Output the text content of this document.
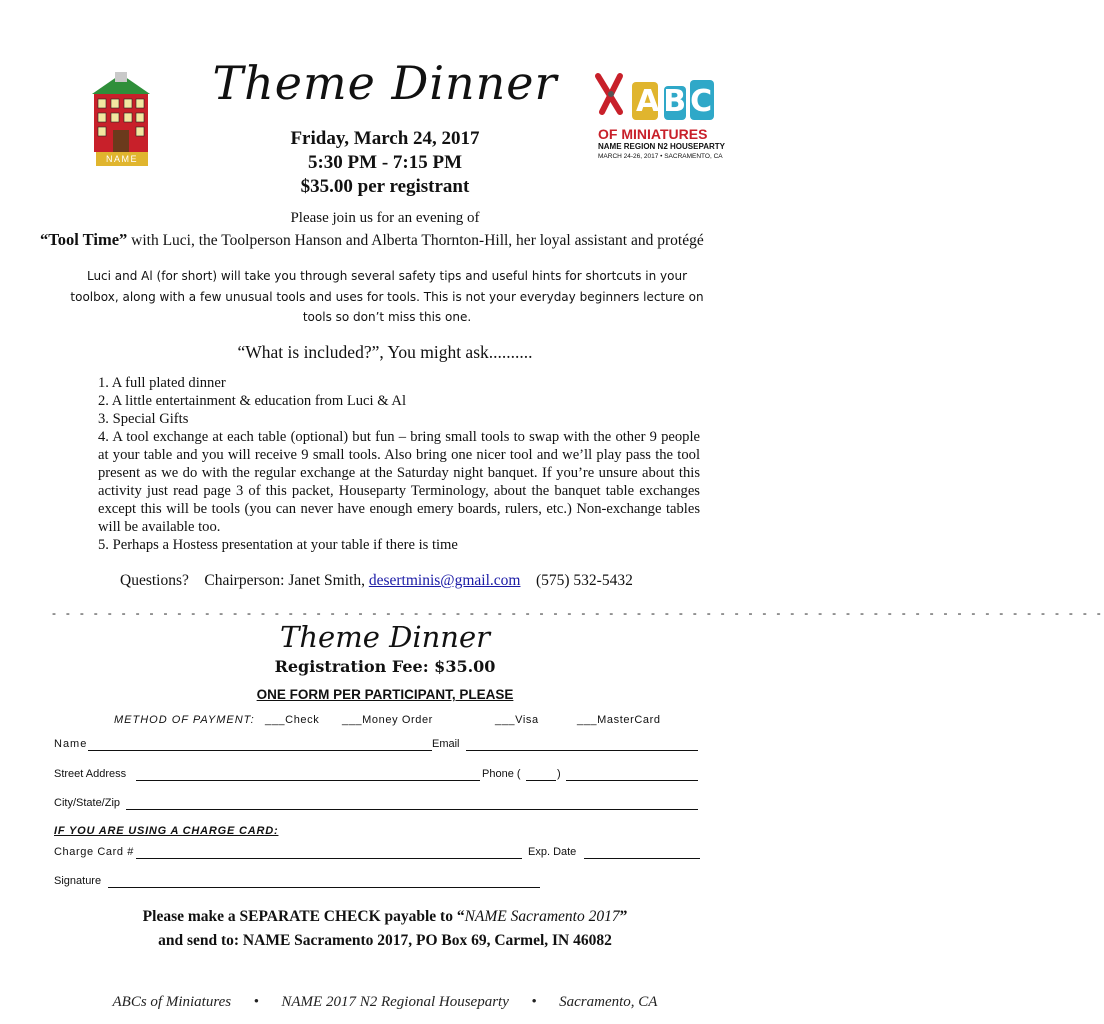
NAME
Theme Dinner	ABCs
OF MINIATURES
NAME REGION N2 HOUSEPARTY
MARCH 24-26, 2017 • SACRAMENTO, CA
Friday, March 24, 2017
5:30 PM - 7:15 PM
$35.00 per registrant
Please join us for an evening of
“Tool Time” with Luci, the Toolperson Hanson and Alberta Thornton-Hill, her loyal assistant and protégé
Luci and Al (for short) will take you through several safety tips and useful hints for shortcuts in your toolbox, along with a few unusual tools and uses for tools. This is not your everyday beginners lecture on tools so don’t miss this one.
“What is included?”, You might ask..........
1. A full plated dinner
2. A little entertainment & education from Luci & Al
3. Special Gifts
4. A tool exchange at each table (optional) but fun – bring small tools to swap with the other 9 people at your table and you will receive 9 small tools. Also bring one nicer tool and we’ll play pass the tool present as we do with the regular exchange at the Saturday night banquet. If you’re unsure about this activity just read page 3 of this packet, Houseparty Terminology, about the banquet table exchanges except this will be tools (you can never have enough emery boards, rulers, etc.) Non-exchange tables will be available too.
5. Perhaps a Hostess presentation at your table if there is time
Questions? Chairperson: Janet Smith, desertminis@gmail.com (575) 532-5432
- - - - - - - - - - - - - - - - - - - - - - - - - - - - - - - - - - - - - - - - - - - - - - - - - - - - - - - - - - - - - - - - - - - - - - - - - - - -
Theme Dinner
Registration Fee: $35.00
ONE FORM PER PARTICIPANT, PLEASE
METHOD OF PAYMENT: ___Check ___Money Order	___Visa	___MasterCard
Name	Email
Street Address	Phone (	)
City/State/Zip
IF YOU ARE USING A CHARGE CARD:
Charge Card #	Exp. Date
Signature
Please make a SEPARATE CHECK payable to “NAME Sacramento 2017”
and send to: NAME Sacramento 2017, PO Box 69, Carmel, IN 46082
ABCs of Miniatures • NAME 2017 N2 Regional Houseparty • Sacramento, CA
